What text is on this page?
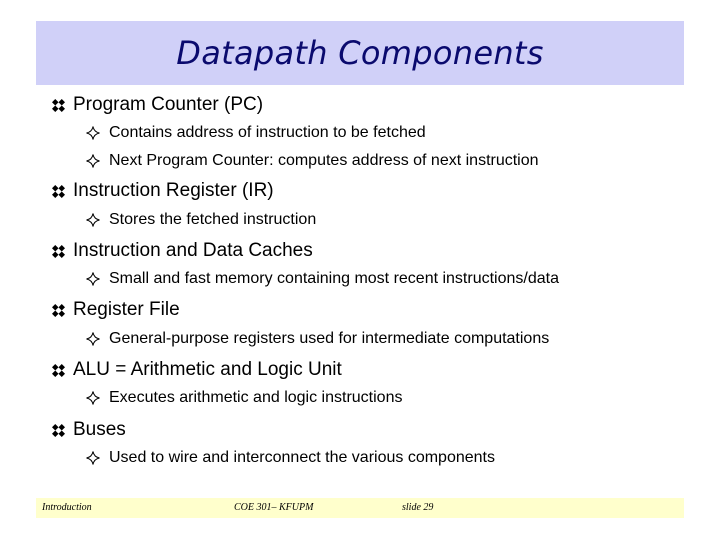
Datapath Components
Program Counter (PC)
Contains address of instruction to be fetched
Next Program Counter: computes address of next instruction
Instruction Register (IR)
Stores the fetched instruction
Instruction and Data Caches
Small and fast memory containing most recent instructions/data
Register File
General-purpose registers used for intermediate computations
ALU = Arithmetic and Logic Unit
Executes arithmetic and logic instructions
Buses
Used to wire and interconnect the various components
Introduction	COE 301– KFUPM	slide 29
